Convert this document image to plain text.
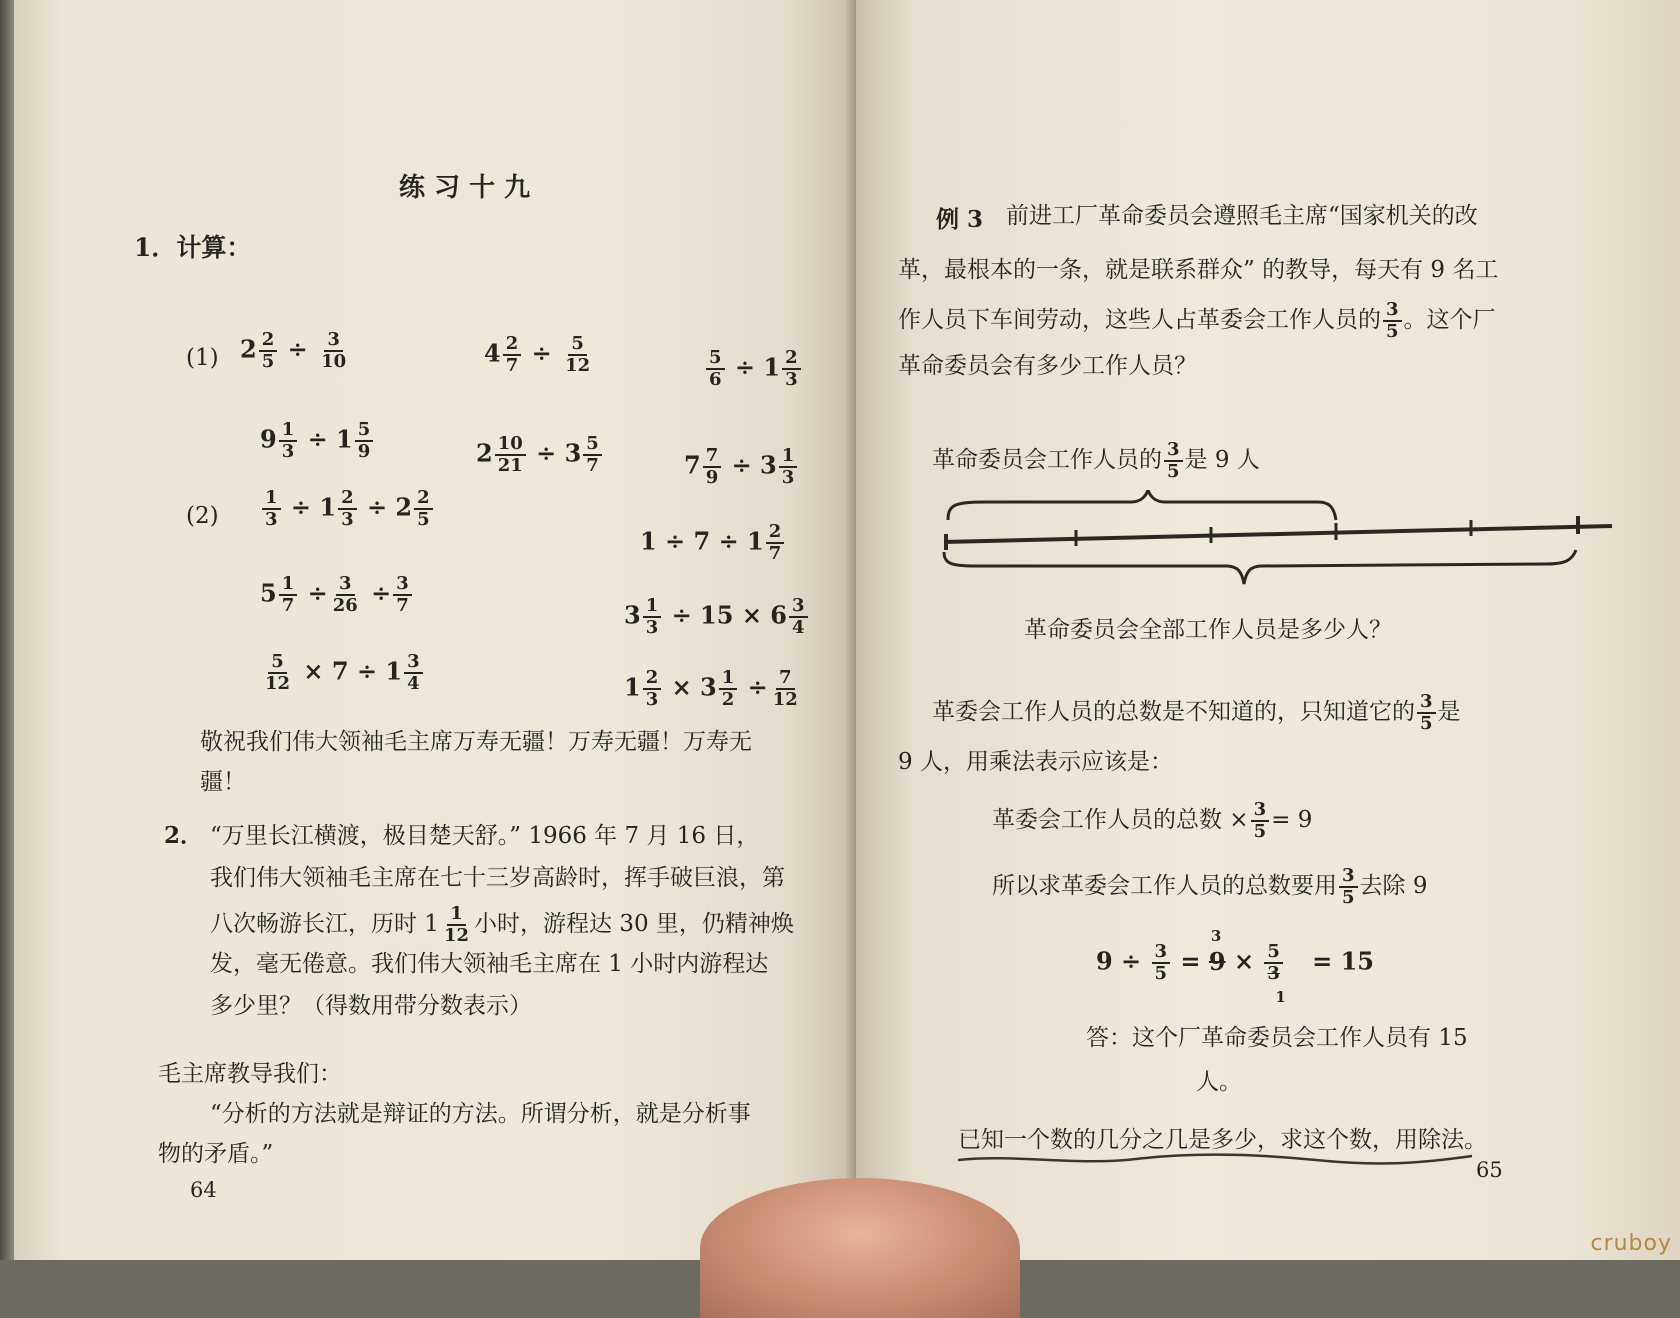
练 习 十 九
1．计算：
(1) $2 \frac{2}{5} \div \frac{3}{10}$	$4 \frac{2}{7} \div \frac{5}{12}$	$\frac{5}{6} \div 1 \frac{2}{3}$
$9 \frac{1}{3} \div 1 \frac{5}{9}$	$2 \frac{10}{21} \div 3 \frac{5}{7}$	$7 \frac{7}{9} \div 3 \frac{1}{3}$
$(2) \frac{1}{3} \div 1 \frac{2}{3} \div 2 \frac{2}{5}$
$1 \div 7 \div 1 \frac{2}{7}$
$5 \frac{1}{7} \div \frac{3}{26} \div \frac{3}{7}$	$3 \frac{1}{3} \div 15 \times 6 \frac{3}{4}$
$\frac{5}{12} \times 7 \div 1 \frac{3}{4}$	$1 \frac{2}{3} \times 3 \frac{1}{2} \div \frac{7}{12}$
敬祝我们伟大领袖毛主席万寿无疆！万寿无疆！万寿无
疆！
2． “万里长江横渡，极目楚天舒。” 1966 年 7 月 16 日，
我们伟大领袖毛主席在七十三岁高龄时，挥手破巨浪，第
八次畅游长江，历时 $1 \frac{1}{12}$ 小时，游程达 30 里，仍精神焕
发，毫无倦意。我们伟大领袖毛主席在 1 小时内游程达
多少里？（得数用带分数表示）
毛主席教导我们：
“分析的方法就是辩证的方法。所谓分析，就是分析事
物的矛盾。”
64
例 3 前进工厂革命委员会遵照毛主席“国家机关的改
革，最根本的一条，就是联系群众” 的教导，每天有 9 名工
作人员下车间劳动，这些人占革委会工作人员的 $\frac{3}{5}$ 。这个厂
革命委员会有多少工作人员？
革命委员会工作人员的 $\frac{3}{5}$ 是 9 人
革命委员会全部工作人员是多少人？
革委会工作人员的总数是不知道的，只知道它的 $\frac{3}{5}$ 是
9 人，用乘法表示应该是：
革委会工作人员的总数 × $\frac{3}{5} = 9$
所以求革委会工作人员的总数要用 $\frac{3}{5}$ 去除 9
$9 \div \frac{3}{5}$ =
3
$9 \times \frac{5}{3}$
$_1$ = 15
答：这个厂革命委员会工作人员有 15
人。
已知一个数的几分之几是多少，求这个数，用除法。
65
cruboy
